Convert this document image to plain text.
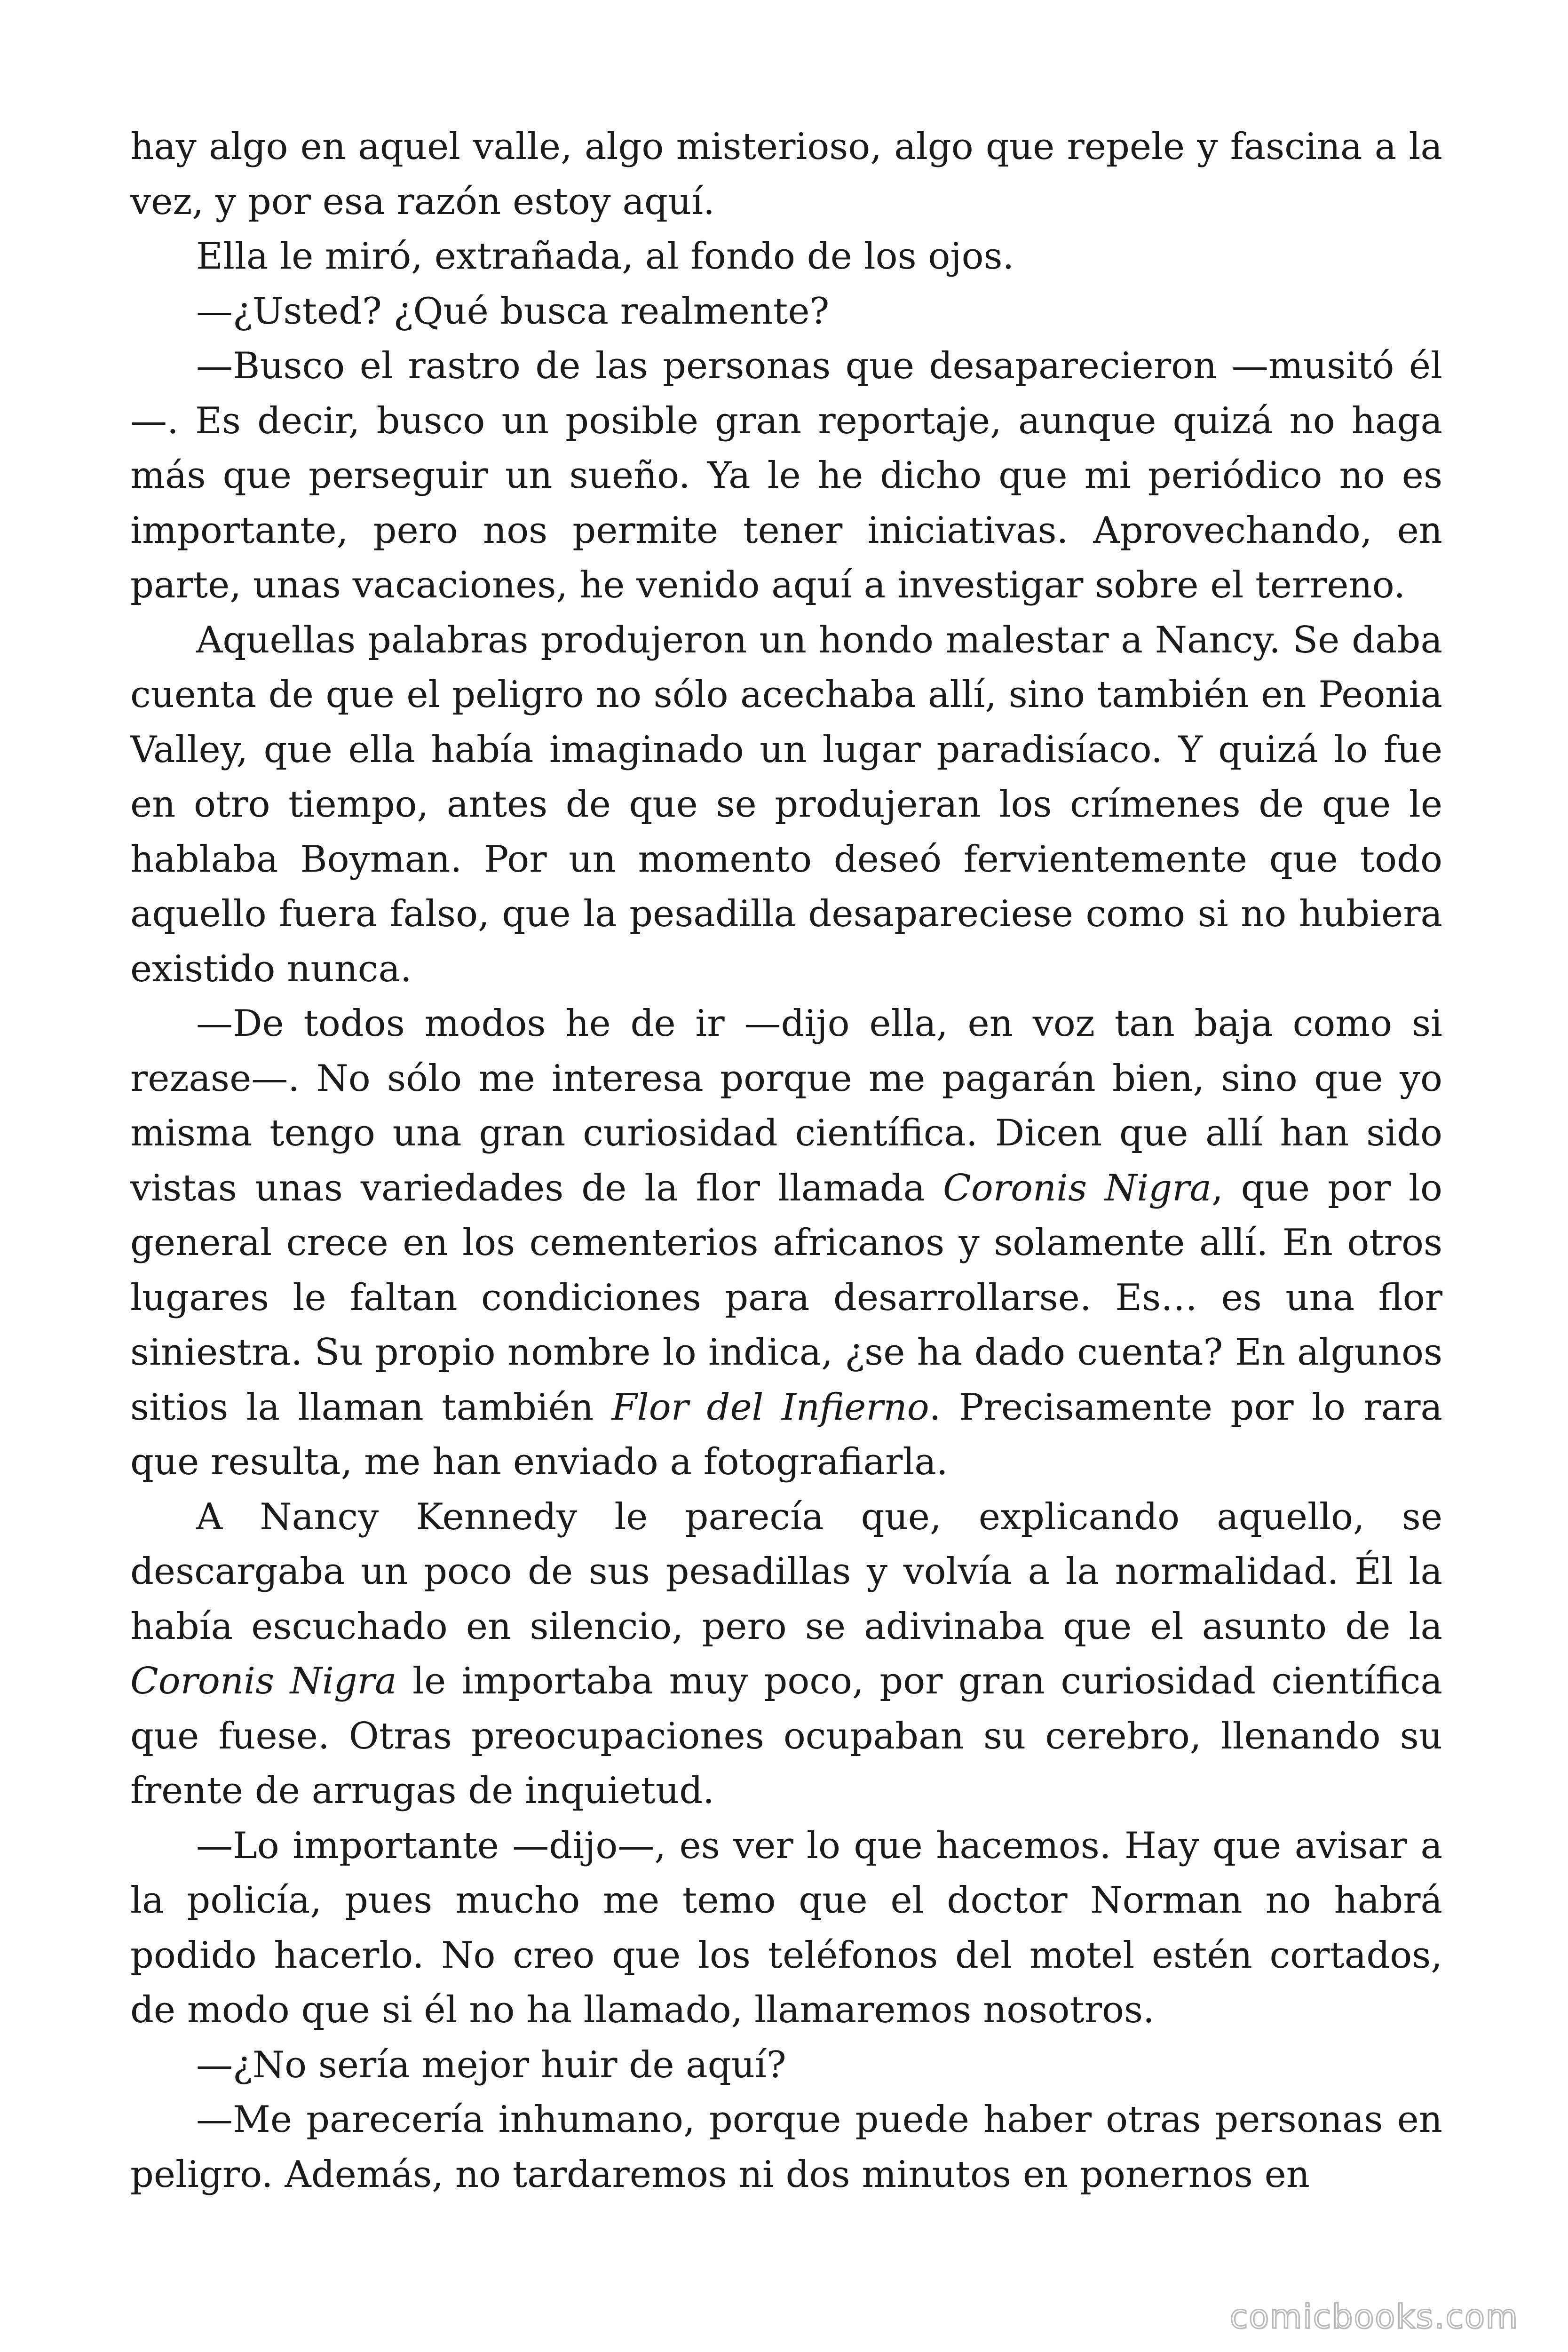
hay algo en aquel valle, algo misterioso, algo que repele y fascina a la vez, y por esa razón estoy aquí.

Ella le miró, extrañada, al fondo de los ojos.

—¿Usted? ¿Qué busca realmente?

—Busco el rastro de las personas que desaparecieron —musitó él —. Es decir, busco un posible gran reportaje, aunque quizá no haga más que perseguir un sueño. Ya le he dicho que mi periódico no es importante, pero nos permite tener iniciativas. Aprovechando, en parte, unas vacaciones, he venido aquí a investigar sobre el terreno.

Aquellas palabras produjeron un hondo malestar a Nancy. Se daba cuenta de que el peligro no sólo acechaba allí, sino también en Peonia Valley, que ella había imaginado un lugar paradisíaco. Y quizá lo fue en otro tiempo, antes de que se produjeran los crímenes de que le hablaba Boyman. Por un momento deseó fervientemente que todo aquello fuera falso, que la pesadilla desapareciese como si no hubiera existido nunca.

—De todos modos he de ir —dijo ella, en voz tan baja como si rezase—. No sólo me interesa porque me pagarán bien, sino que yo misma tengo una gran curiosidad científica. Dicen que allí han sido vistas unas variedades de la flor llamada Coronis Nigra, que por lo general crece en los cementerios africanos y solamente allí. En otros lugares le faltan condiciones para desarrollarse. Es… es una flor siniestra. Su propio nombre lo indica, ¿se ha dado cuenta? En algunos sitios la llaman también Flor del Infierno. Precisamente por lo rara que resulta, me han enviado a fotografiarla.

A Nancy Kennedy le parecía que, explicando aquello, se descargaba un poco de sus pesadillas y volvía a la normalidad. Él la había escuchado en silencio, pero se adivinaba que el asunto de la Coronis Nigra le importaba muy poco, por gran curiosidad científica que fuese. Otras preocupaciones ocupaban su cerebro, llenando su frente de arrugas de inquietud.

—Lo importante —dijo—, es ver lo que hacemos. Hay que avisar a la policía, pues mucho me temo que el doctor Norman no habrá podido hacerlo. No creo que los teléfonos del motel estén cortados, de modo que si él no ha llamado, llamaremos nosotros.

—¿No sería mejor huir de aquí?

—Me parecería inhumano, porque puede haber otras personas en peligro. Además, no tardaremos ni dos minutos en ponernos en

comicbooks.com
